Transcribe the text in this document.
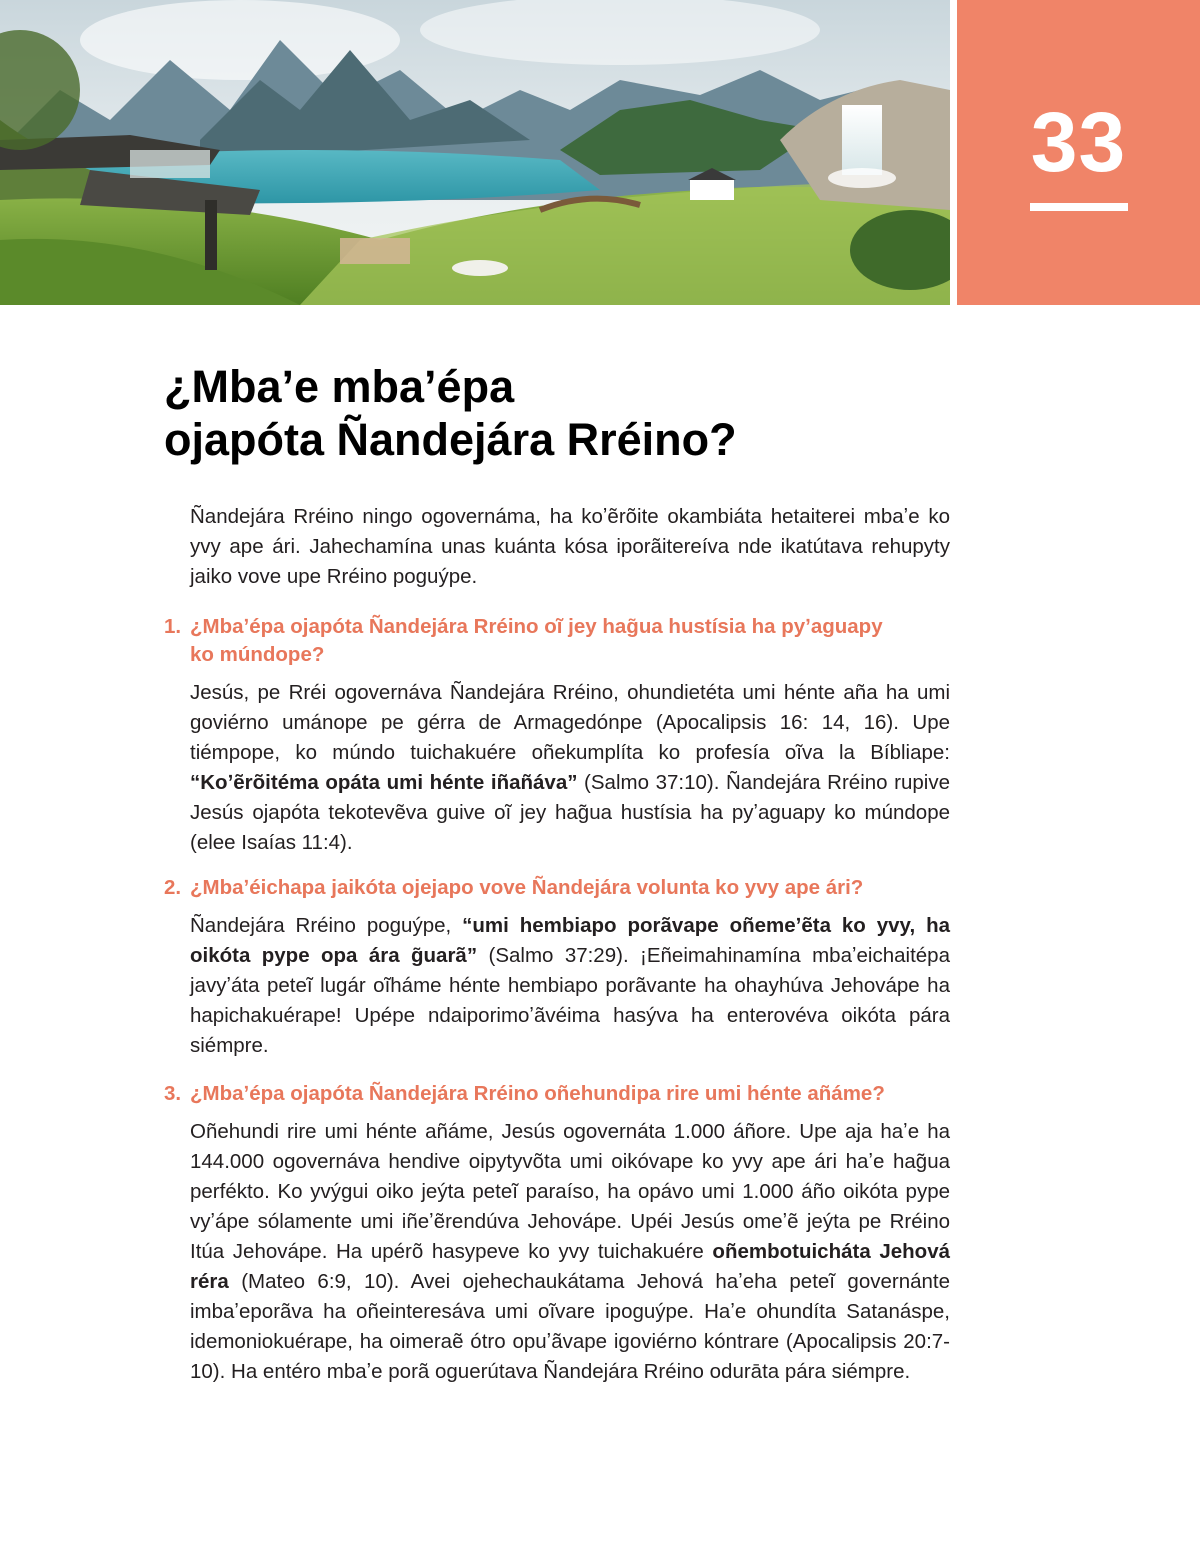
33
¿Mbaʼe mbaʼépa
ojapóta Ñandejára Rréino?

Ñandejára Rréino ningo ogovernáma, ha koʼẽrõite okambiáta hetaiterei mbaʼe ko yvy ape ári. Jahechamína unas kuánta kósa iporãitereíva nde ikatútava rehupyty jaiko vove upe Rréino poguýpe.

1. ¿Mbaʼépa ojapóta Ñandejára Rréino oĩ jey hag̃ua hustísia ha pyʼaguapy ko múndope?

Jesús, pe Rréi ogovernáva Ñandejára Rréino, ohundietéta umi hénte aña ha umi goviérno umánope pe gérra de Armagedónpe (Apocalipsis 16: 14, 16). Upe tiémpope, ko múndo tuichakuére oñekumplíta ko profesía oĩva la Bíbliape: “Koʼẽrõitéma opáta umi hénte iñañáva” (Salmo 37:10). Ñandejára Rréino rupive Jesús ojapóta tekotevẽva guive oĩ jey hag̃ua hustísia ha pyʼaguapy ko múndope (elee Isaías 11:4).

2. ¿Mbaʼéichapa jaikóta ojejapo vove Ñandejára volunta ko yvy ape ári?

Ñandejára Rréino poguýpe, “umi hembiapo porãvape oñemeʼẽta ko yvy, ha oikóta pype opa ára g̃uarã” (Salmo 37:29). ¡Eñeimahinamína mbaʼeichaitépa javyʼáta peteĩ lugár oĩháme hénte hembiapo porãvante ha ohayhúva Jehovápe ha hapichakuérape! Upépe ndaiporimoʼãvéima hasýva ha enterovéva oikóta pára siémpre.

3. ¿Mbaʼépa ojapóta Ñandejára Rréino oñehundipa rire umi hénte añáme?

Oñehundi rire umi hénte añáme, Jesús ogovernáta 1.000 áñore. Upe aja haʼe ha 144.000 ogovernáva hendive oipytyvõta umi oikóvape ko yvy ape ári haʼe hag̃ua perfékto. Ko yvýgui oiko jeýta peteĩ paraíso, ha opávo umi 1.000 áño oikóta pype vyʼápe sólamente umi iñeʼẽrendúva Jehovápe. Upéi Jesús omeʼẽ jeýta pe Rréino Itúa Jehovápe. Ha upérõ hasypeve ko yvy tuichakuére oñembotuicháta Jehová réra (Mateo 6:9, 10). Avei ojehechaukátama Jehová haʼeha peteĩ governánte imbaʼeporãva ha oñeinteresáva umi oĩvare ipoguýpe. Haʼe ohundíta Satanáspe, idemoniokuérape, ha oimeraẽ ótro opuʼãvape igoviérno kóntrare (Apocalipsis 20:7-10). Ha entéro mbaʼe porã oguerútava Ñandejára Rréino odurāta pára siémpre.
